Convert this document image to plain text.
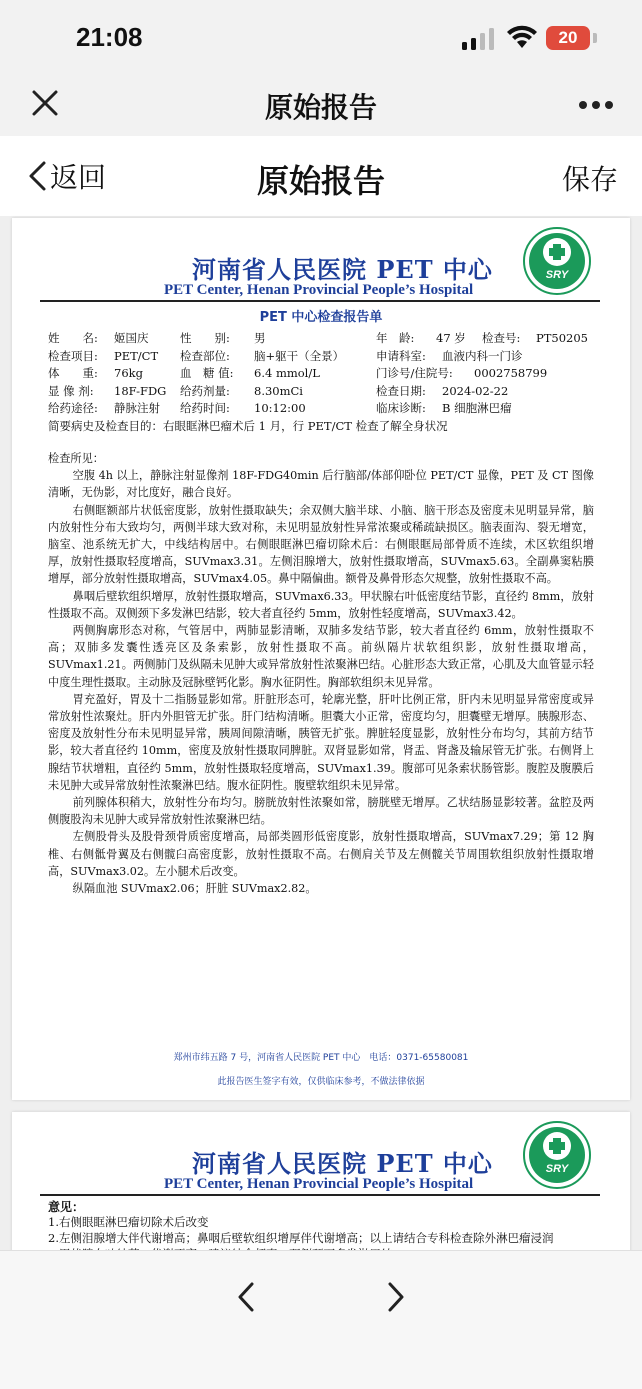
21:08	20
原始报告
返回	原始报告	保存
河南省人民医院 PET 中心
PET Center, Henan Provincial People’s Hospital
SRY
PET 中心检查报告单
姓　　名:	姬国庆	性　　别:	男	年　龄:	47 岁	检查号:	PT50205
检查项目:	PET/CT	检查部位:	脑+躯干（全景）	申请科室:	血液内科一门诊
体　　重:	76kg	血　糖 值:	6.4 mmol/L	门诊号/住院号:	0002758799
显 像 剂:	18F-FDG	给药剂量:	8.30mCi	检查日期:	2024-02-22
给药途径:	静脉注射	给药时间:	10:12:00	临床诊断:	B 细胞淋巴瘤
简要病史及检查目的：右眼眶淋巴瘤术后 1 月，行 PET/CT 检查了解全身状况

检查所见：

空腹 4h 以上，静脉注射显像剂 18F-FDG40min 后行脑部/体部仰卧位 PET/CT 显像，PET 及 CT 图像清晰，无伪影，对比度好，融合良好。

右侧眶额部片状低密度影，放射性摄取缺失；余双侧大脑半球、小脑、脑干形态及密度未见明显异常，脑内放射性分布大致均匀，两侧半球大致对称，未见明显放射性异常浓聚或稀疏缺损区。脑表面沟、裂无增宽，脑室、池系统无扩大，中线结构居中。右侧眼眶淋巴瘤切除术后：右侧眼眶局部骨质不连续，术区软组织增厚，放射性摄取轻度增高，SUVmax3.31。左侧泪腺增大，放射性摄取增高，SUVmax5.63。全副鼻窦粘膜增厚，部分放射性摄取增高，SUVmax4.05。鼻中隔偏曲。额骨及鼻骨形态欠规整，放射性摄取不高。

鼻咽后壁软组织增厚，放射性摄取增高，SUVmax6.33。甲状腺右叶低密度结节影，直径约 8mm，放射性摄取不高。双侧颈下多发淋巴结影，较大者直径约 5mm，放射性轻度增高，SUVmax3.42。

两侧胸廓形态对称，气管居中，两肺显影清晰，双肺多发结节影，较大者直径约 6mm，放射性摄取不高；双肺多发囊性透亮区及条索影，放射性摄取不高。前纵隔片状软组织影，放射性摄取增高，SUVmax1.21。两侧肺门及纵隔未见肿大或异常放射性浓聚淋巴结。心脏形态大致正常，心肌及大血管显示轻中度生理性摄取。主动脉及冠脉壁钙化影。胸水征阴性。胸部软组织未见异常。

胃充盈好，胃及十二指肠显影如常。肝脏形态可，轮廓光整，肝叶比例正常，肝内未见明显异常密度或异常放射性浓聚灶。肝内外胆管无扩张。肝门结构清晰。胆囊大小正常，密度均匀，胆囊壁无增厚。胰腺形态、密度及放射性分布未见明显异常，胰周间隙清晰，胰管无扩张。脾脏轻度显影，放射性分布均匀，其前方结节影，较大者直径约 10mm，密度及放射性摄取同脾脏。双肾显影如常，肾盂、肾盏及输尿管无扩张。右侧肾上腺结节状增粗，直径约 5mm，放射性摄取轻度增高，SUVmax1.39。腹部可见条索状肠管影。腹腔及腹膜后未见肿大或异常放射性浓聚淋巴结。腹水征阴性。腹壁软组织未见异常。

前列腺体积稍大，放射性分布均匀。膀胱放射性浓聚如常，膀胱壁无增厚。乙状结肠显影较著。盆腔及两侧腹股沟未见肿大或异常放射性浓聚淋巴结。

左侧股骨头及股骨颈骨质密度增高，局部类圆形低密度影，放射性摄取增高，SUVmax7.29；第 12 胸椎、右侧骶骨翼及右侧髋臼高密度影，放射性摄取不高。右侧肩关节及左侧髋关节周围软组织放射性摄取增高，SUVmax3.02。左小腿术后改变。

纵隔血池 SUVmax2.06；肝脏 SUVmax2.82。

郑州市纬五路 7 号，河南省人民医院 PET 中心　电话：0371-65580081
此报告医生签字有效，仅供临床参考，不做法律依据
河南省人民医院 PET 中心
PET Center, Henan Provincial People’s Hospital
SRY
意见：
1.右侧眼眶淋巴瘤切除术后改变
2.左侧泪腺增大伴代谢增高；鼻咽后壁软组织增厚伴代谢增高；以上请结合专科检查除外淋巴瘤浸润
